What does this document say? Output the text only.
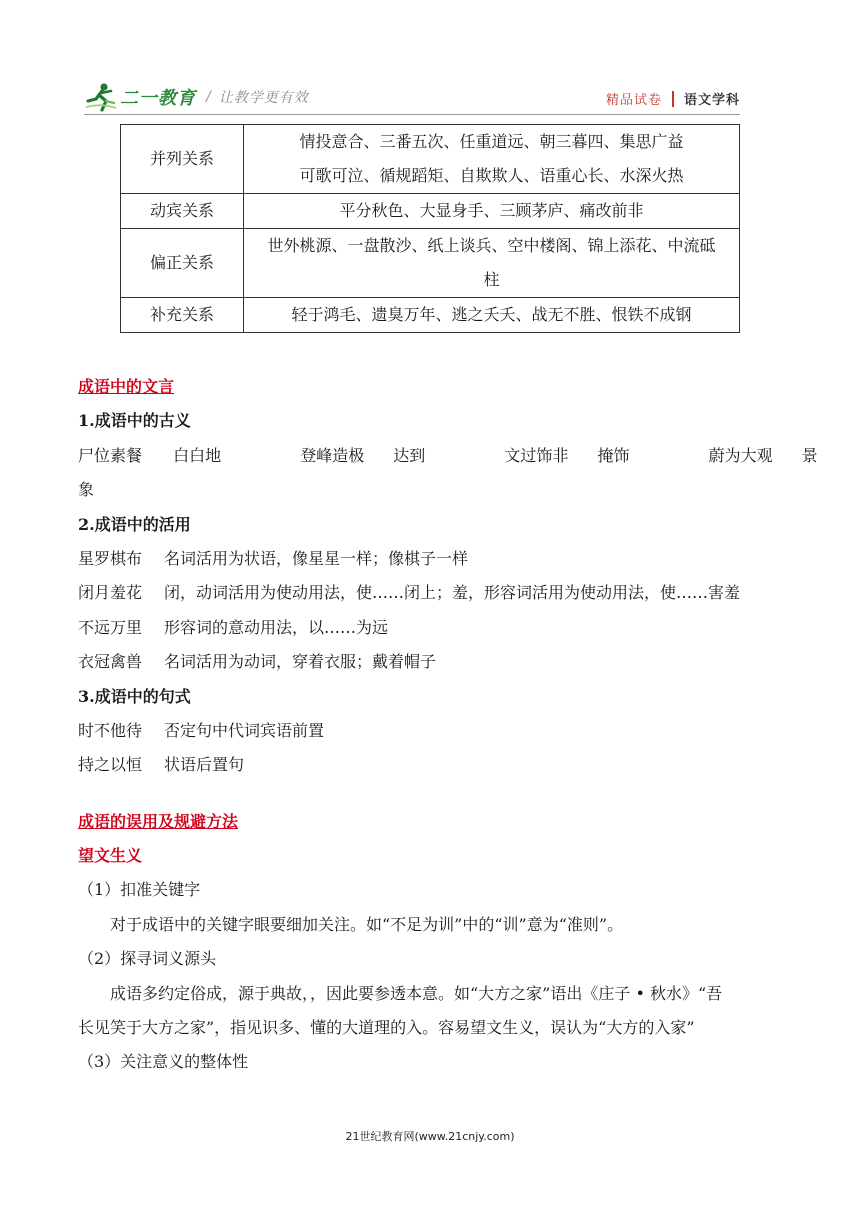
二一教育 / 让教学更有效	精品试卷 语文学科
并列关系	情投意合、三番五次、任重道远、朝三暮四、集思广益
可歌可泣、循规蹈矩、自欺欺人、语重心长、水深火热

动宾关系	平分秋色、大显身手、三顾茅庐、痛改前非

偏正关系	世外桃源、一盘散沙、纸上谈兵、空中楼阁、锦上添花、中流砥
柱

补充关系	轻于鸿毛、遗臭万年、逃之夭夭、战无不胜、恨铁不成钢
成语中的文言
1.成语中的古义
尸位素餐 白白地	登峰造极 达到	文过饰非 掩饰	蔚为大观 景
象
2.成语中的活用
星罗棋布 名词活用为状语，像星星一样；像棋子一样
闭月羞花 闭，动词活用为使动用法，使……闭上；羞，形容词活用为使动用法，使……害羞
不远万里 形容词的意动用法，以……为远
衣冠禽兽 名词活用为动词，穿着衣服；戴着帽子
3.成语中的句式
时不他待 否定句中代词宾语前置
持之以恒 状语后置句
成语的误用及规避方法
望文生义
（1）扣准关键字
对于成语中的关键字眼要细加关注。如“不足为训”中的“训”意为“准则”。
（2）探寻词义源头
成语多约定俗成，源于典故，，因此要参透本意。如“大方之家”语出《庄子 • 秋水》“吾
长见笑于大方之家”，指见识多、懂的大道理的入。容易望文生义，误认为“大方的入家”
（3）关注意义的整体性
21世纪教育网(www.21cnjy.com)
